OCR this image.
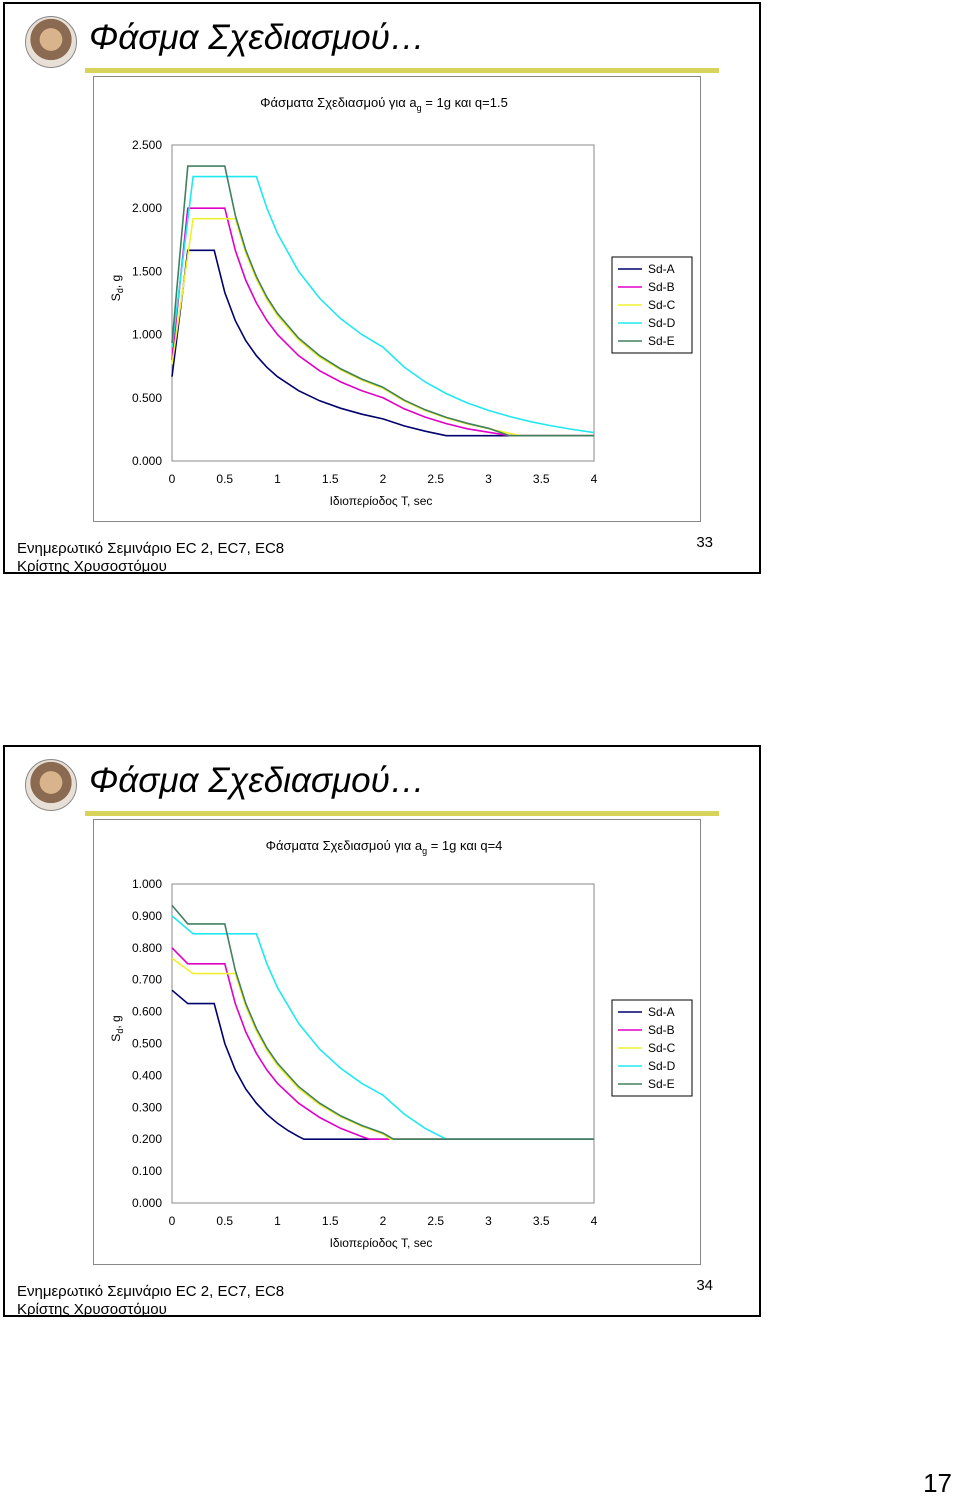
Φάσμα Σχεδιασμού…
Φάσματα Σχεδιασμού για $a_g = 1g$ και q=1.5
0.000
0.500
1.000
1.500
2.000
2.500
0	0.5	1	1.5	2	2.5	3	3.5	4
Ιδιοπερίοδος T, sec
$S_d$, g
Sd-A
Sd-B
Sd-C
Sd-D
Sd-E
Ενημερωτικό Σεμινάριο EC 2, EC7, EC8
Κρίστης Χρυσοστόμου
33
Φάσμα Σχεδιασμού…
Φάσματα Σχεδιασμού για $a_g = 1g$ και q=4
0.000
0.100
0.200
0.300
0.400
0.500
0.600
0.700
0.800
0.900
1.000
0	0.5	1	1.5	2	2.5	3	3.5	4
Ιδιοπερίοδος T, sec
$S_d$, g
Sd-A
Sd-B
Sd-C
Sd-D
Sd-E
Ενημερωτικό Σεμινάριο EC 2, EC7, EC8
Κρίστης Χρυσοστόμου
34
17
